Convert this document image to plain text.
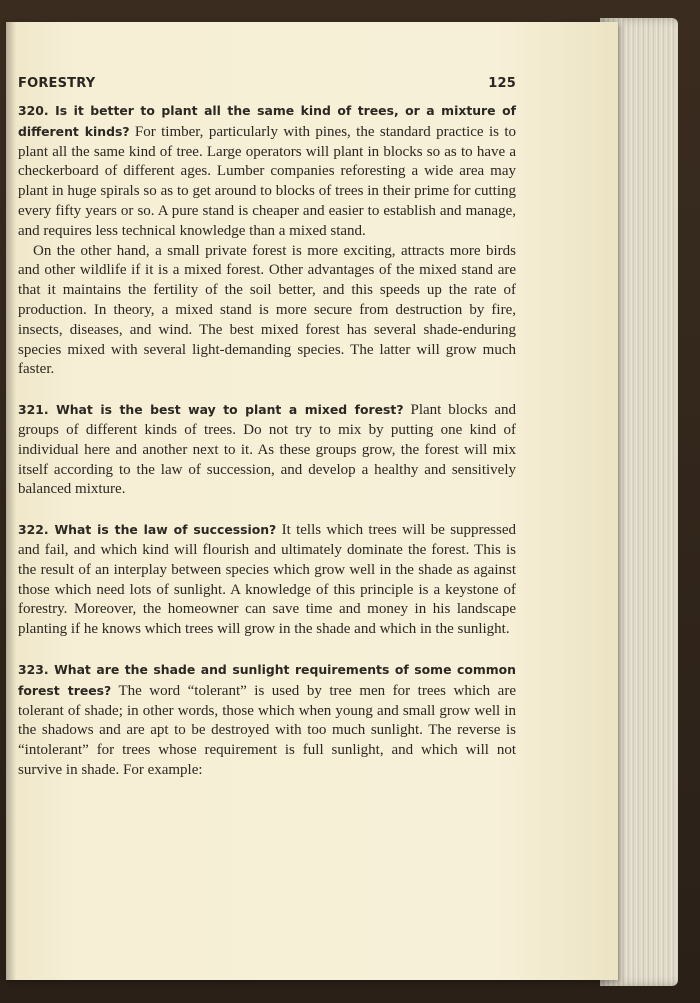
FORESTRY	125

320. Is it better to plant all the same kind of trees, or a mixture of different kinds? For timber, particularly with pines, the standard practice is to plant all the same kind of tree. Large operators will plant in blocks so as to have a checkerboard of different ages. Lumber companies reforesting a wide area may plant in huge spirals so as to get around to blocks of trees in their prime for cutting every fifty years or so. A pure stand is cheaper and easier to establish and manage, and requires less technical knowledge than a mixed stand.

On the other hand, a small private forest is more exciting, attracts more birds and other wildlife if it is a mixed forest. Other advantages of the mixed stand are that it maintains the fertility of the soil better, and this speeds up the rate of production. In theory, a mixed stand is more secure from destruction by fire, insects, diseases, and wind. The best mixed forest has several shade-enduring species mixed with several light-demanding species. The latter will grow much faster.

321. What is the best way to plant a mixed forest? Plant blocks and groups of different kinds of trees. Do not try to mix by putting one kind of individual here and another next to it. As these groups grow, the forest will mix itself according to the law of succession, and develop a healthy and sensitively balanced mixture.

322. What is the law of succession? It tells which trees will be suppressed and fail, and which kind will flourish and ultimately dominate the forest. This is the result of an interplay between species which grow well in the shade as against those which need lots of sunlight. A knowledge of this principle is a keystone of forestry. Moreover, the homeowner can save time and money in his landscape planting if he knows which trees will grow in the shade and which in the sunlight.

323. What are the shade and sunlight requirements of some common forest trees? The word “tolerant” is used by tree men for trees which are tolerant of shade; in other words, those which when young and small grow well in the shadows and are apt to be destroyed with too much sunlight. The reverse is “intolerant” for trees whose requirement is full sunlight, and which will not survive in shade. For example:
